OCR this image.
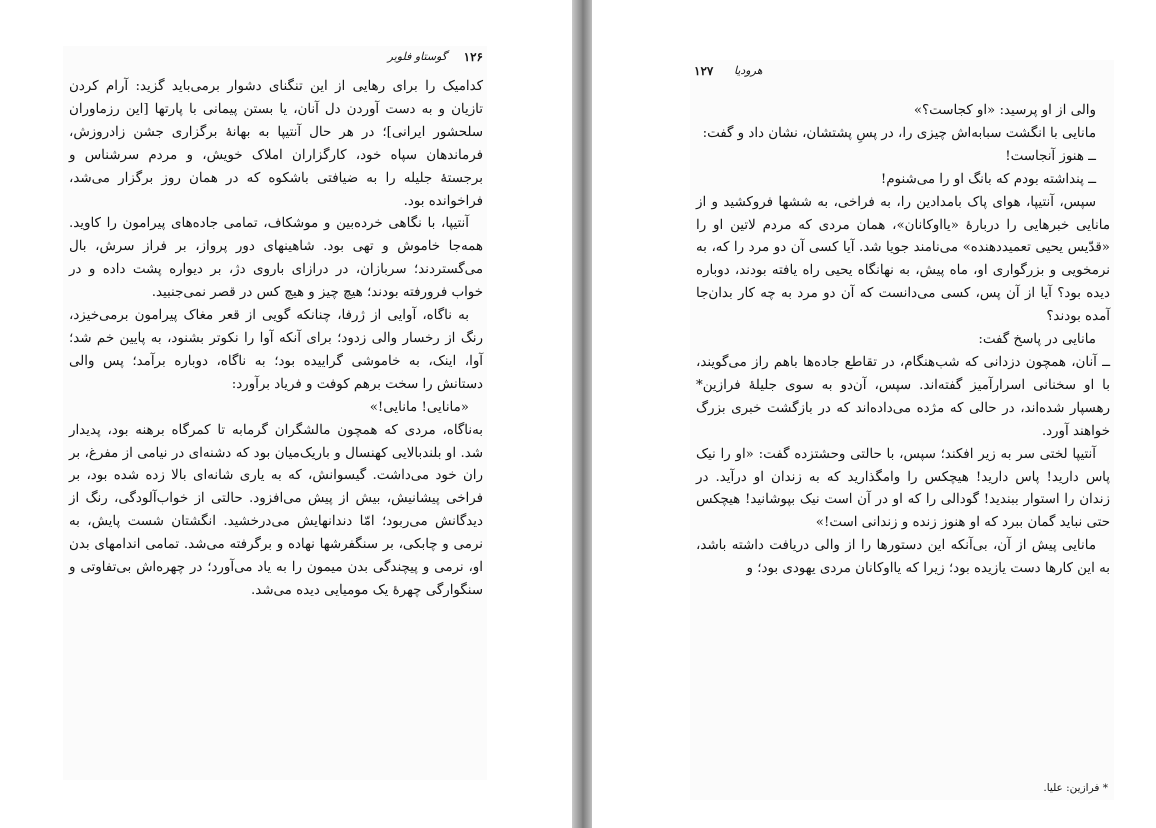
۱۲۶
گوستاو فلوبر

کدامیک را برای رهایی از این تنگنای دشوار برمی‌باید گزید: آرام کردن تازیان و به دست آوردن دل آنان، یا بستن پیمانی با پارتها [این رزماوران سلحشور ایرانی]؛ در هر حال آنتیپا به بهانهٔ برگزاری جشن زادروزش، فرماندهان سپاه خود، کارگزاران املاک خویش، و مردم سرشناس و برجستهٔ جلیله را به ضیافتی باشکوه که در همان روز برگزار می‌شد، فراخوانده بود.

آنتیپا، با نگاهی خرده‌بین و موشکاف، تمامی جاده‌های پیرامون را کاوید. همه‌جا خاموش و تهی بود. شاهینهای دور پرواز، بر فراز سرش، بال می‌گستردند؛ سربازان، در درازای باروی دژ، بر دیواره پشت داده و در خواب فرورفته بودند؛ هیچ چیز و هیچ کس در قصر نمی‌جنبید.

به ناگاه، آوایی از ژرفا، چنانکه گویی از قعر مغاک پیرامون برمی‌خیزد، رنگ از رخسار والی زدود؛ برای آنکه آوا را نکوتر بشنود، به پایین خم شد؛ آوا، اینک، به خاموشی گراییده بود؛ به ناگاه، دوباره برآمد؛ پس والی دستانش را سخت برهم کوفت و فریاد برآورد:

«مانایی! مانایی!»

به‌ناگاه، مردی که همچون مالشگران گرمابه تا کمرگاه برهنه بود، پدیدار شد. او بلندبالایی کهنسال و باریک‌میان بود که دشنه‌ای در نیامی از مفرغ، بر ران خود می‌داشت. گیسوانش، که به یاری شانه‌ای بالا زده شده بود، بر فراخی پیشانیش، بیش از پیش می‌افزود. حالتی از خواب‌آلودگی، رنگ از دیدگانش می‌ربود؛ امّا دندانهایش می‌درخشید. انگشتان شست پایش، به نرمی و چابکی، بر سنگفرشها نهاده و برگرفته می‌شد. تمامی اندامهای بدن او، نرمی و پیچندگی بدن میمون را به یاد می‌آورد؛ در چهره‌اش بی‌تفاوتی و سنگوارگی چهرهٔ یک مومیایی دیده می‌شد.

هرودیا
۱۲۷

والی از او پرسید: «او کجاست؟»

مانایی با انگشت سبابه‌اش چیزی را، در پسِ پشتشان، نشان داد و گفت:

ــ هنوز آنجاست!

ــ پنداشته بودم که بانگ او را می‌شنوم!

سپس، آنتیپا، هوای پاک بامدادین را، به فراخی، به ششها فروکشید و از مانایی خبرهایی را دربارهٔ «یااوکانان»، همان مردی که مردم لاتین او را «قدّیس یحیی تعمیددهنده» می‌نامند جویا شد. آیا کسی آن دو مرد را که، به نرمخویی و بزرگواری او، ماه پیش، به نهانگاه یحیی راه یافته بودند، دوباره دیده بود؟ آیا از آن پس، کسی می‌دانست که آن دو مرد به چه کار بدان‌جا آمده بودند؟

مانایی در پاسخ گفت:

ــ آنان، همچون دزدانی که شب‌هنگام، در تقاطع جاده‌ها باهم راز می‌گویند، با او سخنانی اسرارآمیز گفته‌اند. سپس، آن‌دو به سوی جلیلهٔ فرازین* رهسپار شده‌اند، در حالی که مژده می‌داده‌اند که در بازگشت خبری بزرگ خواهند آورد.

آنتیپا لختی سر به زیر افکند؛ سپس، با حالتی وحشتزده گفت: «او را نیک پاس دارید! پاس دارید! هیچکس را وامگذارید که به زندان او درآید. در زندان را استوار ببندید! گودالی را که او در آن است نیک بپوشانید! هیچکس حتی نباید گمان ببرد که او هنوز زنده و زندانی است!»

مانایی پیش از آن، بی‌آنکه این دستورها را از والی دریافت داشته باشد، به این کارها دست یازیده بود؛ زیرا که یااوکانان مردی یهودی بود؛ و

* فرازین: علیا.
